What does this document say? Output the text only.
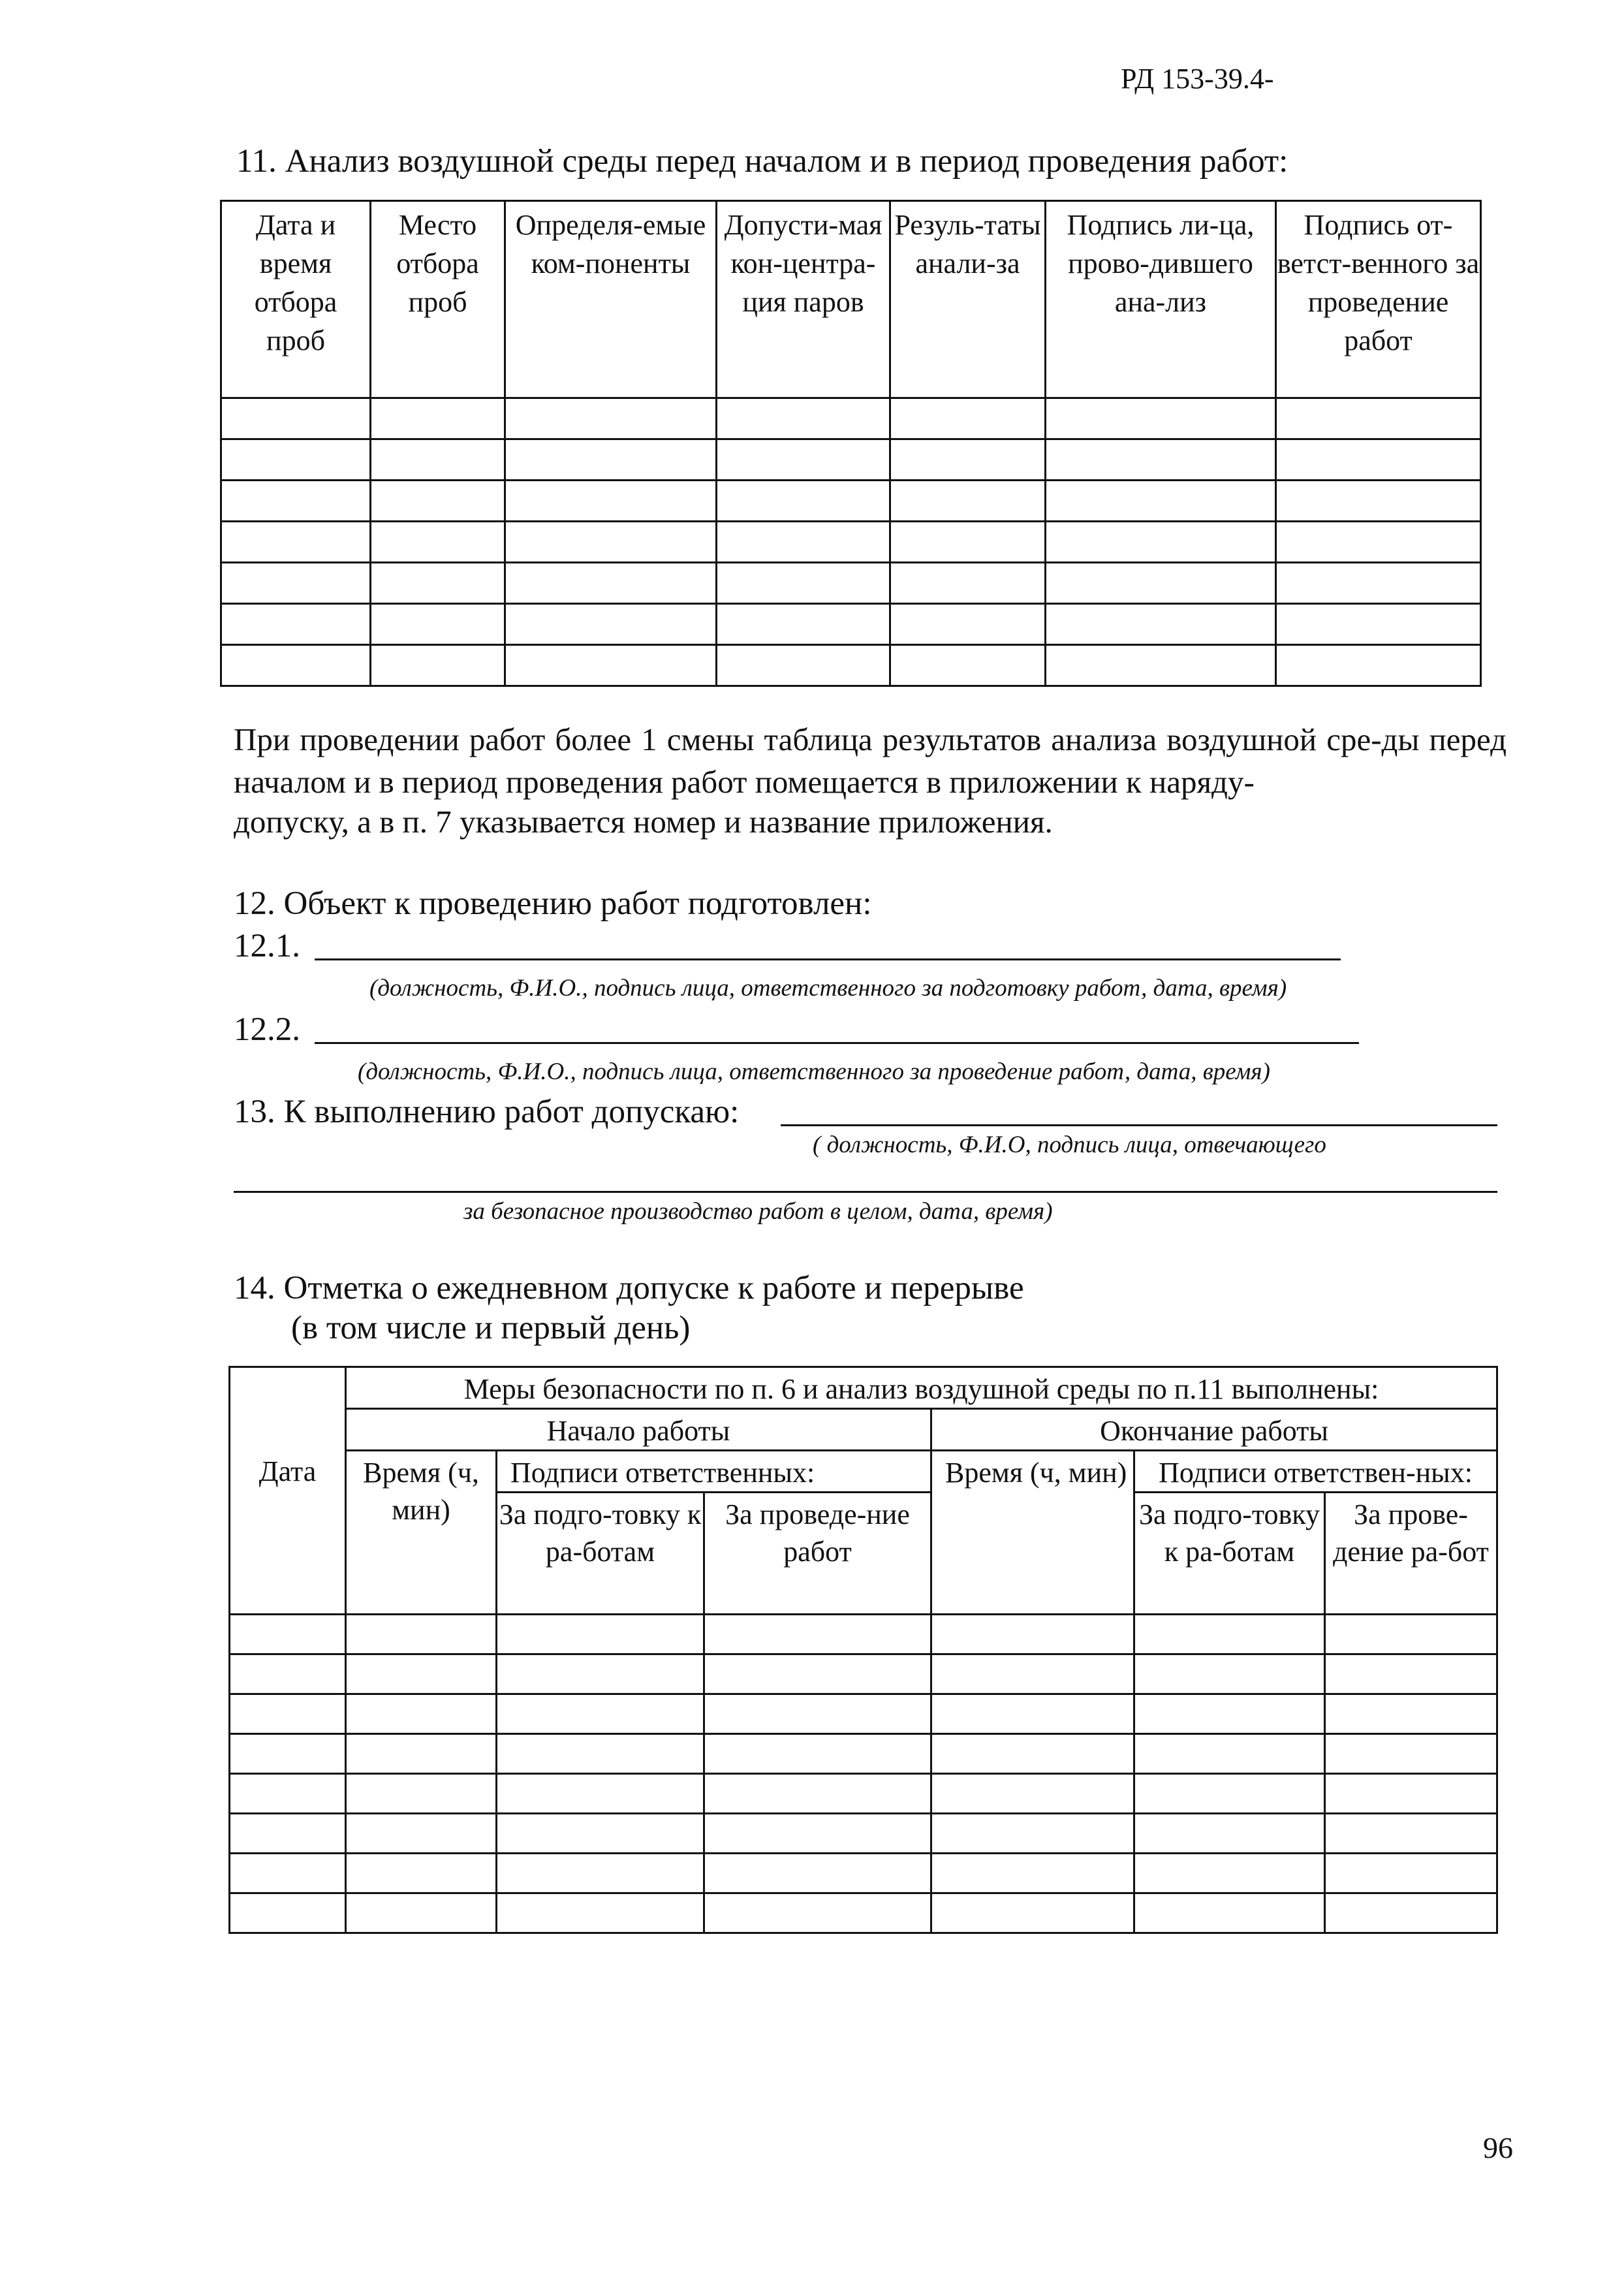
РД 153-39.4-
11. Анализ воздушной среды перед началом и в период проведения работ:
Дата и время отбора проб	Место отбора проб	Определя-емые ком-поненты	Допусти-мая кон-центра-ция паров	Резуль-таты анали-за	Подпись ли-ца, прово-дившего ана-лиз	Подпись от-ветст-венного за проведение работ

При проведении работ более 1 смены таблица результатов анализа воздушной сре-ды перед началом и в период проведения работ помещается в приложении к наряду-
допуску, а в п. 7 указывается номер и название приложения.
12. Объект к проведению работ подготовлен:
12.1.
(должность, Ф.И.О., подпись лица, ответственного за подготовку работ, дата, время)
12.2.
(должность, Ф.И.О., подпись лица, ответственного за проведение работ, дата, время)
13. К выполнению работ допускаю:
( должность, Ф.И.О, подпись лица, отвечающего
за безопасное производство работ в целом, дата, время)
14. Отметка о ежедневном допуске к работе и перерыве
(в том числе и первый день)
Дата	Меры безопасности по п. 6 и анализ воздушной среды по п.11 выполнены:					
	Начало работы			Окончание работы		
	Время (ч, мин)	Подписи ответственных:		Время (ч, мин)	Подписи ответствен-ных:	
		За подго-товку к ра-ботам	За проведе-ние работ		За подго-товку к ра-ботам	За прове-дение ра-бот

96
